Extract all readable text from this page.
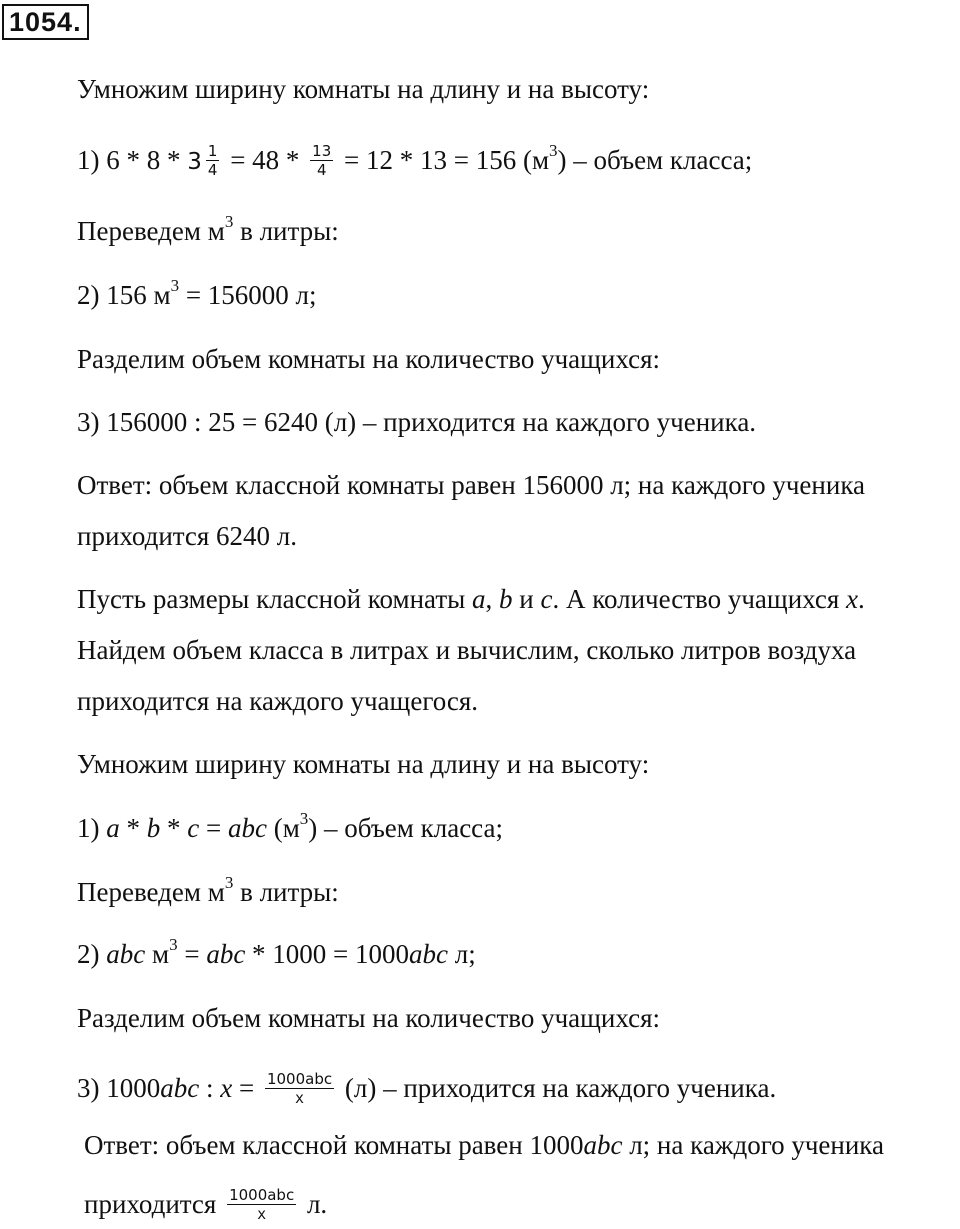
1054.
Умножим ширину комнаты на длину и на высоту:
1) $6 * 8 * 3 \frac{1}{4} = 48 * \frac{13}{4} = 12 * 13 = 156$ $(м^3)$ – объем класса;
Переведем $м^3$ в литры:
2) 156 $м^3 = 156000$ л;
Разделим объем комнаты на количество учащихся:
3) 156000 : 25 = 6240 (л) – приходится на каждого ученика.
Ответ: объем классной комнаты равен 156000 л; на каждого ученика
приходится 6240 л.
Пусть размеры классной комнаты a, b и c. А количество учащихся x.
Найдем объем класса в литрах и вычислим, сколько литров воздуха
приходится на каждого учащегося.
Умножим ширину комнаты на длину и на высоту:
1) a * b * c = abc $(м^3)$ – объем класса;
Переведем $м^3$ в литры:
2) abc $м^3$ = abc * 1000 = 1000abc л;
Разделим объем комнаты на количество учащихся:
3) 1000abc : $x = \frac{\text{1000abc}}{x} (л)$ – приходится на каждого ученика.
Ответ: объем классной комнаты равен 1000abc л; на каждого ученика
приходится $\frac{\text{1000abc}}{x} л$.
